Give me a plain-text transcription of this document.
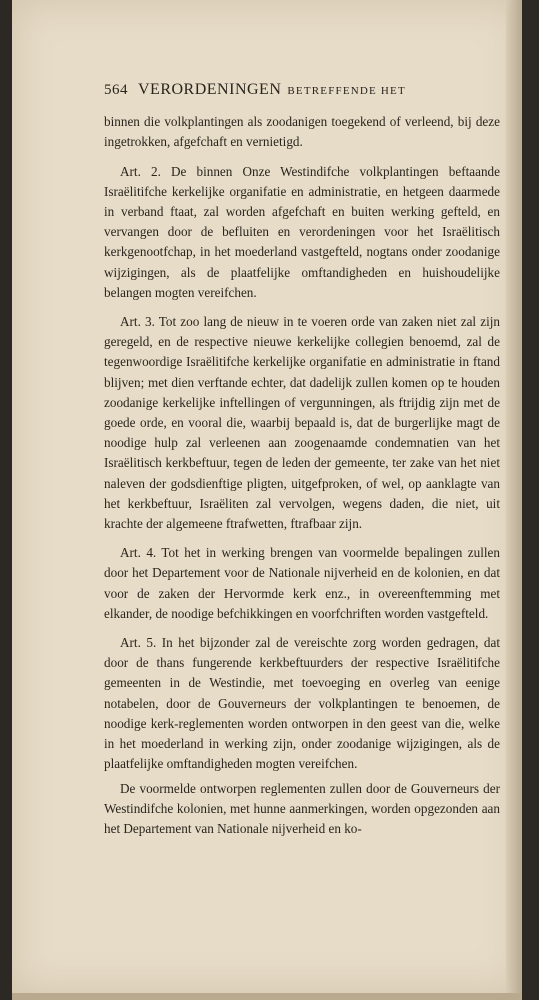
564 VERORDENINGEN BETREFFENDE HET

binnen die volkplantingen als zoodanigen toegekend of verleend, bij deze ingetrokken, afgefchaft en vernietigd.

Art. 2. De binnen Onze Westindifche volkplantingen beftaande Israëlitifche kerkelijke organifatie en administratie, en hetgeen daarmede in verband ftaat, zal worden afgefchaft en buiten werking gefteld, en vervangen door de befluiten en verordeningen voor het Israëlitisch kerkgenootfchap, in het moederland vastgefteld, nogtans onder zoodanige wijzigingen, als de plaatfelijke omftandigheden en huishoudelijke belangen mogten vereifchen.

Art. 3. Tot zoo lang de nieuw in te voeren orde van zaken niet zal zijn geregeld, en de respective nieuwe kerkelijke collegien benoemd, zal de tegenwoordige Israëlitifche kerkelijke organifatie en administratie in ftand blijven; met dien verftande echter, dat dadelijk zullen komen op te houden zoodanige kerkelijke inftellingen of vergunningen, als ftrijdig zijn met de goede orde, en vooral die, waarbij bepaald is, dat de burgerlijke magt de noodige hulp zal verleenen aan zoogenaamde condemnatien van het Israëlitisch kerkbeftuur, tegen de leden der gemeente, ter zake van het niet naleven der godsdienftige pligten, uitgefproken, of wel, op aanklagte van het kerkbeftuur, Israëliten zal vervolgen, wegens daden, die niet, uit krachte der algemeene ftrafwetten, ftrafbaar zijn.

Art. 4. Tot het in werking brengen van voormelde bepalingen zullen door het Departement voor de Nationale nijverheid en de kolonien, en dat voor de zaken der Hervormde kerk enz., in overeenftemming met elkander, de noodige befchikkingen en voorfchriften worden vastgefteld.

Art. 5. In het bijzonder zal de vereischte zorg worden gedragen, dat door de thans fungerende kerkbeftuurders der respective Israëlitifche gemeenten in de Westindie, met toevoeging en overleg van eenige notabelen, door de Gouverneurs der volkplantingen te benoemen, de noodige kerk-reglementen worden ontworpen in den geest van die, welke in het moederland in werking zijn, onder zoodanige wijzigingen, als de plaatfelijke omftandigheden mogten vereifchen.

De voormelde ontworpen reglementen zullen door de Gouverneurs der Westindifche kolonien, met hunne aanmerkingen, worden opgezonden aan het Departement van Nationale nijverheid en ko-
